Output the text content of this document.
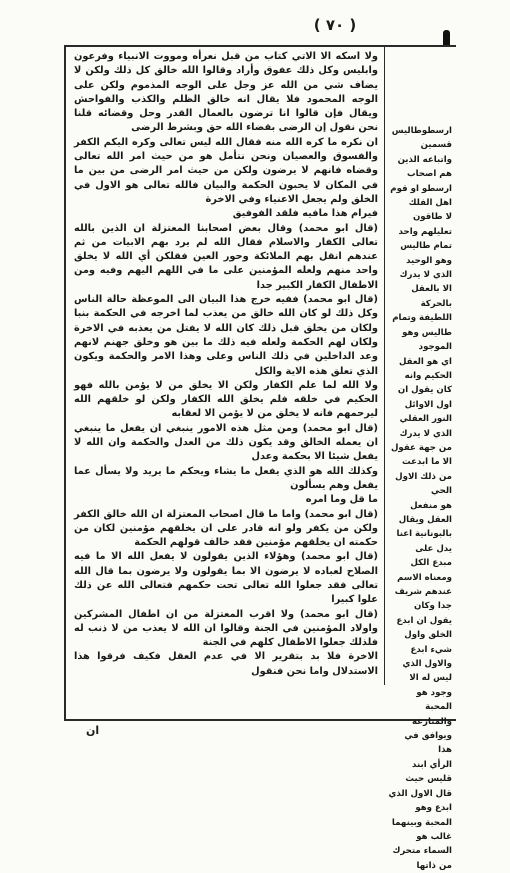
( ٧٠ )

ولا اسكه الا الاتي كتاب من قبل نعرأه ومووت الانبياء وفرعون وابليس وكل ذلك عفوق وأراد وقالوا الله خالق كل ذلك ولكن لا يضاف شي من الله عز وجل على الوجه المذموم ولكن على الوجه المحمود فلا يقال انه خالق الظلم والكذب والفواحش ويقال فإن قالوا انا ترضون بالعمال القدر وحل وقضائه قلنا نحن نقول إن الرضى بقضاء الله حق وبشرط الرضى

ان نكره ما كره الله منه فقال الله ليس تعالى وكره اليكم الكفر والفسوق والعصيان ونحن نتأمل هو من حيث امر الله تعالى وقضاه فانهم لا يرضون ولكن من حيث امر الرضى من بين ما في المكان لا يحبون الحكمة والبيان فالله تعالى هو الاول في الخلق ولم يجعل الاعنياء وفي الاخرة

فيرام هذا مافيه فلقد الفوفيق

(قال ابو محمد) وقال بعض اصحابنا المعتزلة ان الذين بالله تعالى الكفار والاسلام فقال الله لم يرد بهم الابيات من ثم عندهم انقل بهم الملائكة وحور العين فقلكن أي الله لا يخلق واحد منهم ولعله المؤمنين على ما في اللهم اليهم وفيه ومن الاطفال الكفار الكبير جدا

(قال ابو محمد) ففيه خرج هذا البيان الى الموعظة حالة الناس وكل ذلك لو كان الله خالق من يعذب لما اخرجه في الحكمة بنبا ولكان من يخلق قبل ذلك كان الله لا يفتل من يعذبه في الاخرة ولكان لهم الحكمة ولعله فيه ذلك ما بين هو وخلق جهنم لانهم وعد الداخلين في ذلك الناس وعلى وهذا الامر والحكمة ويكون الذي تعلق هذه الاية والكل

ولا الله لما علم الكفار ولكن الا يخلق من لا يؤمن بالله فهو الحكيم في خلقه فلم يخلق الله الكفار ولكن لو خلقهم الله ليرحمهم فانه لا يخلق من لا يؤمن الا لعقابه

(قال ابو محمد) ومن مثل هذه الامور ينبغي ان يفعل ما ينبغي ان يعمله الخالق وقد يكون ذلك من العدل والحكمة وان الله لا يفعل شيئا الا بحكمة وعدل

وكذلك الله هو الذي يفعل ما يشاء ويحكم ما يريد ولا يسأل عما يفعل وهم يسألون

ما قل وما امره

(قال ابو محمد) واما ما قال اصحاب المعتزلة ان الله خالق الكفر ولكن من يكفر ولو انه قادر على ان يخلقهم مؤمنين لكان من حكمته ان يخلقهم مؤمنين فقد خالف قولهم الحكمة

(قال ابو محمد) وهؤلاء الذين يقولون لا يفعل الله الا ما فيه الصلاح لعباده لا يرضون الا بما يقولون ولا يرضون بما قال الله تعالى فقد جعلوا الله تعالى تحت حكمهم فتعالى الله عن ذلك علوا كبيرا

(قال ابو محمد) ولا اقرب المعتزلة من ان اطفال المشركين واولاد المؤمنين في الجنة وقالوا ان الله لا يعذب من لا ذنب له فلذلك جعلوا الاطفال كلهم في الجنة

الاخرة فلا بد بتقرير الا في عدم العقل فكيف فرقوا هذا الاستدلال واما نحن فنقول

ارسطوطاليس قسمين

واتباعه الذين هم اصحاب

ارسطو او قوم اهل الفلك

لا طاقون تعليلهم واحد

تمام طاليس وهو الوحيد

الذي لا يدرك الا بالعقل

بالحركة اللطيفة وتمام

طاليس وهو الموجود

اي هو العقل الحكيم وانه

كان يقول ان اول الاوائل

النور العقلي الذي لا يدرك

من جهة عقول الا ما ابدعت

من ذلك الاول الحي

هو منفعل العقل ويقال

بالبونانية اعنا يدل على

مبدع الكل ومعناه الاسم

عندهم شريف جدا وكان

يقول ان ابدع الخلق واول

شيء ابدع والاول الذي

ليس له الا وجود هو المحبة

والمنازعة ويوافق في هذا

الرأي ابند قليس حيث

قال الاول الذي ابدع وهو

المحبة وبينهما غالب هو

السماء متحرك من ذاتها

ان
